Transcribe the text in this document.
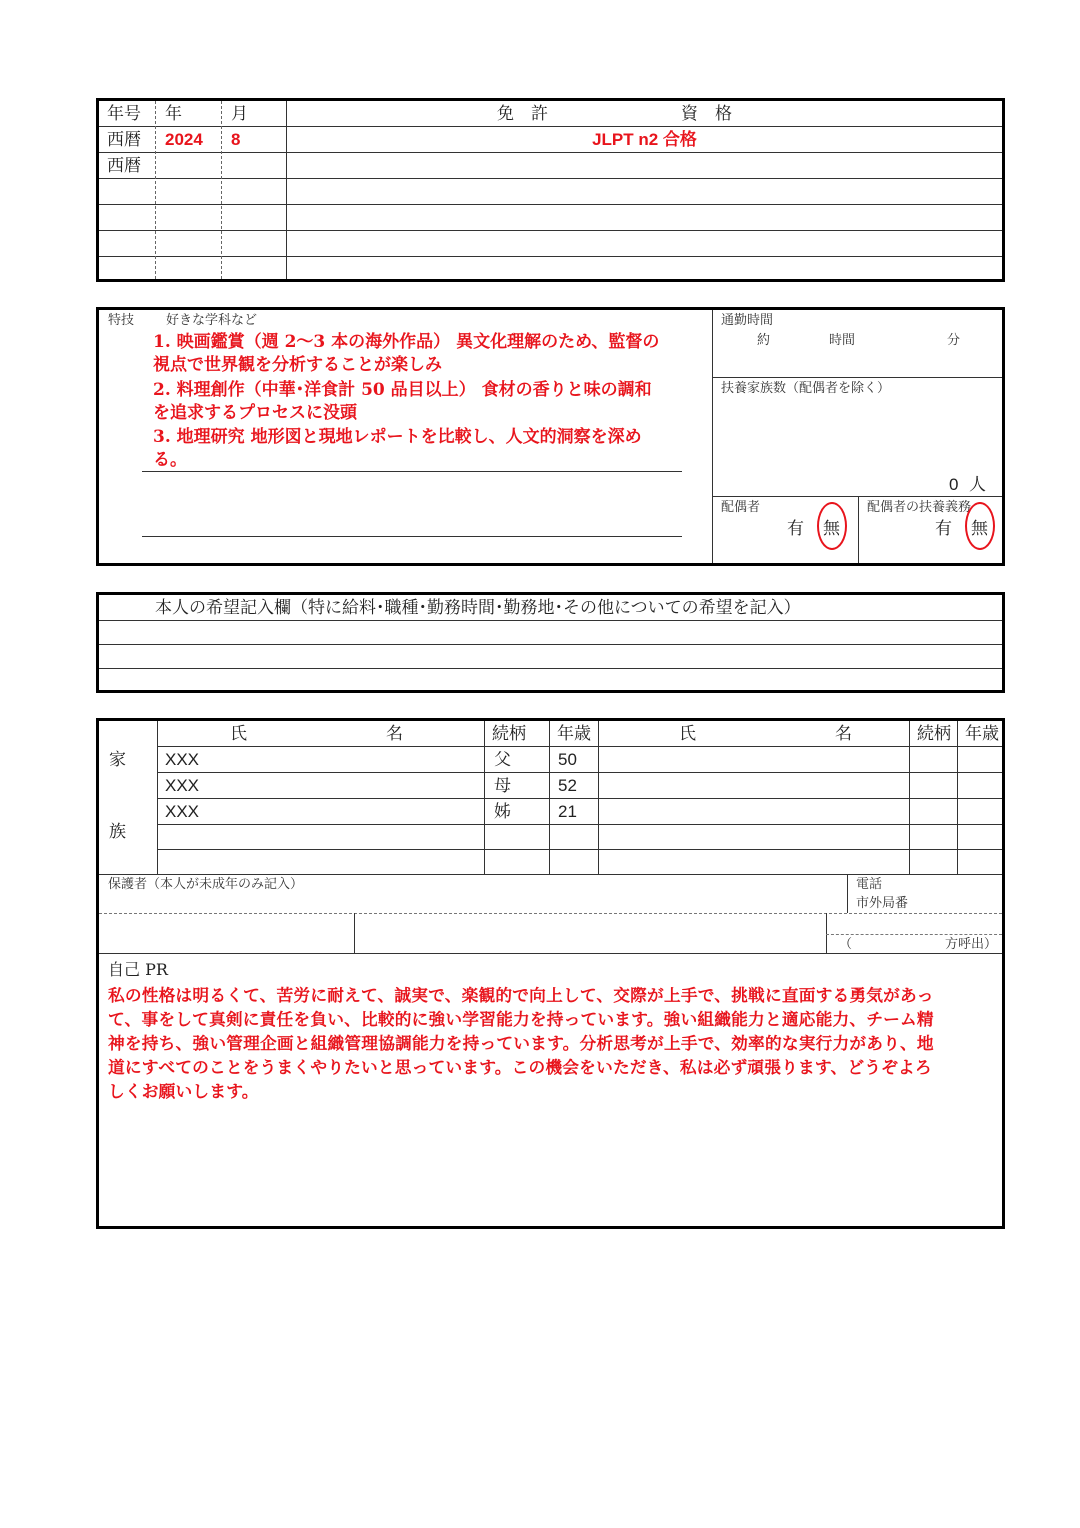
年号 年	月	免　許	資　格
西暦 2024 8	JLPT n2 合格
西暦
特技 好きな学科など
1. 映画鑑賞（週 2～3 本の海外作品） 異文化理解のため、監督の
視点で世界観を分析することが楽しみ
2. 料理創作（中華･洋食計 50 品目以上） 食材の香りと味の調和
を追求するプロセスに没頭
3. 地理研究 地形図と現地レポートを比較し、人文的洞察を深め
る。
通勤時間
約	時間	分
扶養家族数（配偶者を除く）
0 人
配偶者
有 無
配偶者の扶養義務
有 無
本人の希望記入欄（特に給料･職種･勤務時間･勤務地･その他についての希望を記入）
家
族
氏	名	続柄 年歳	氏	名	続柄 年歳
XXX	父	50
XXX	母	52
XXX	姊	21
保護者（本人が未成年のみ記入）	電話
市外局番
（	方呼出）
自己 PR
私の性格は明るくて、苦労に耐えて、誠実で、楽観的で向上して、交際が上手で、挑戦に直面する勇気があっ
て、事をして真剣に責任を負い、比較的に強い学習能力を持っています。強い組織能力と適応能力、チーム精
神を持ち、強い管理企画と組織管理協調能力を持っています。分析思考が上手で、効率的な実行力があり、地
道にすべてのことをうまくやりたいと思っています。この機会をいただき、私は必ず頑張ります、どうぞよろ
しくお願いします。
